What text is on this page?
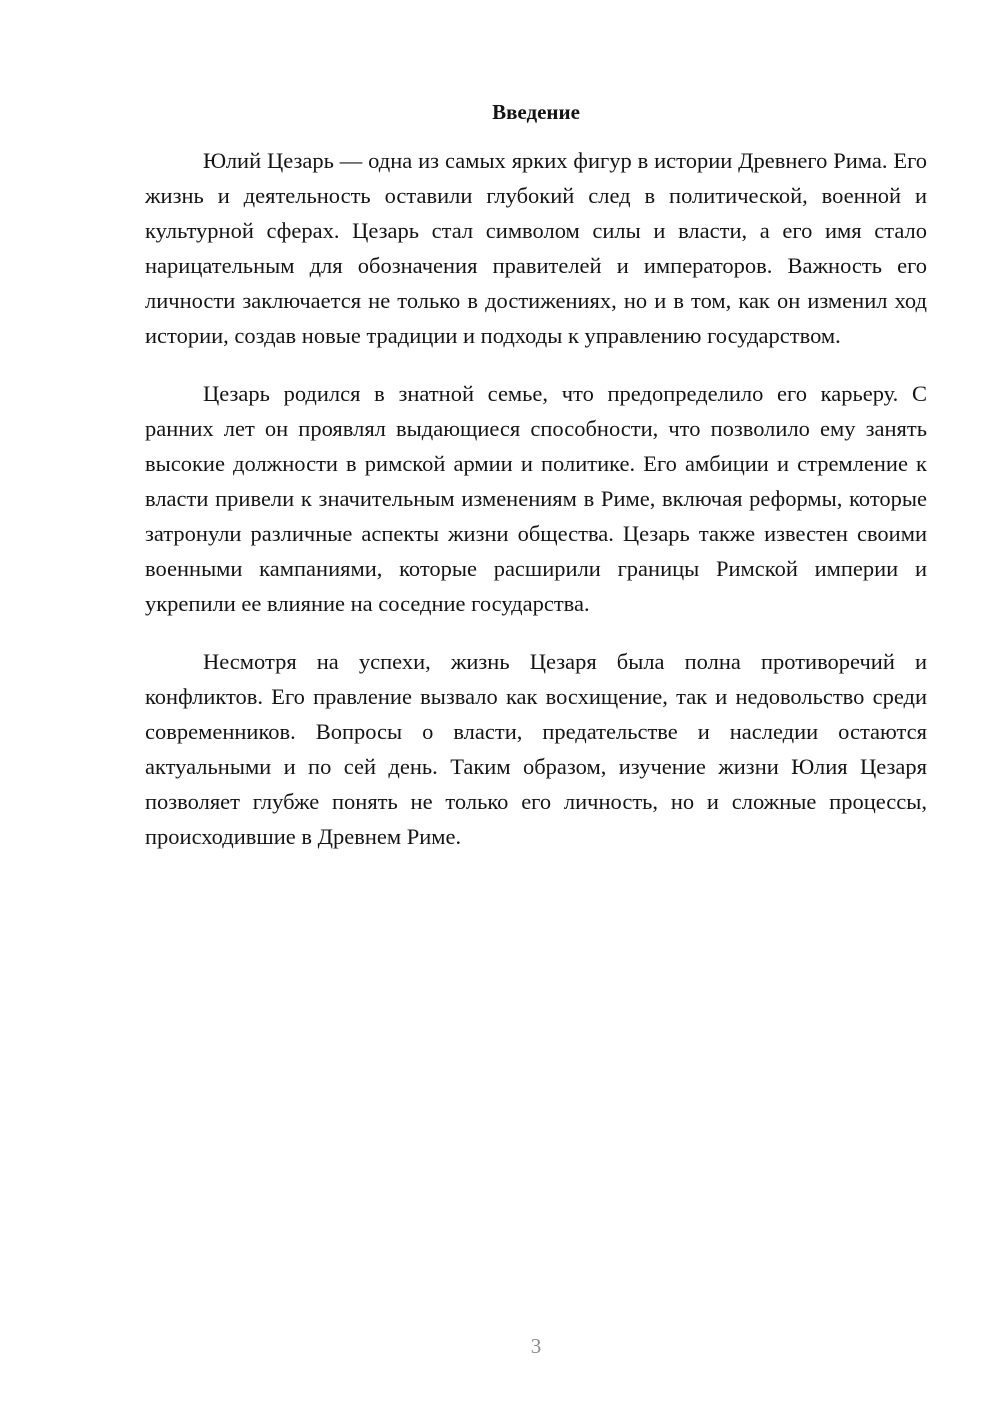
Введение

Юлий Цезарь — одна из самых ярких фигур в истории Древнего Рима. Его жизнь и деятельность оставили глубокий след в политической, военной и культурной сферах. Цезарь стал символом силы и власти, а его имя стало нарицательным для обозначения правителей и императоров. Важность его личности заключается не только в достижениях, но и в том, как он изменил ход истории, создав новые традиции и подходы к управлению государством.

Цезарь родился в знатной семье, что предопределило его карьеру. С ранних лет он проявлял выдающиеся способности, что позволило ему занять высокие должности в римской армии и политике. Его амбиции и стремление к власти привели к значительным изменениям в Риме, включая реформы, которые затронули различные аспекты жизни общества. Цезарь также известен своими военными кампаниями, которые расширили границы Римской империи и укрепили ее влияние на соседние государства.

Несмотря на успехи, жизнь Цезаря была полна противоречий и конфликтов. Его правление вызвало как восхищение, так и недовольство среди современников. Вопросы о власти, предательстве и наследии остаются актуальными и по сей день. Таким образом, изучение жизни Юлия Цезаря позволяет глубже понять не только его личность, но и сложные процессы, происходившие в Древнем Риме.

3
